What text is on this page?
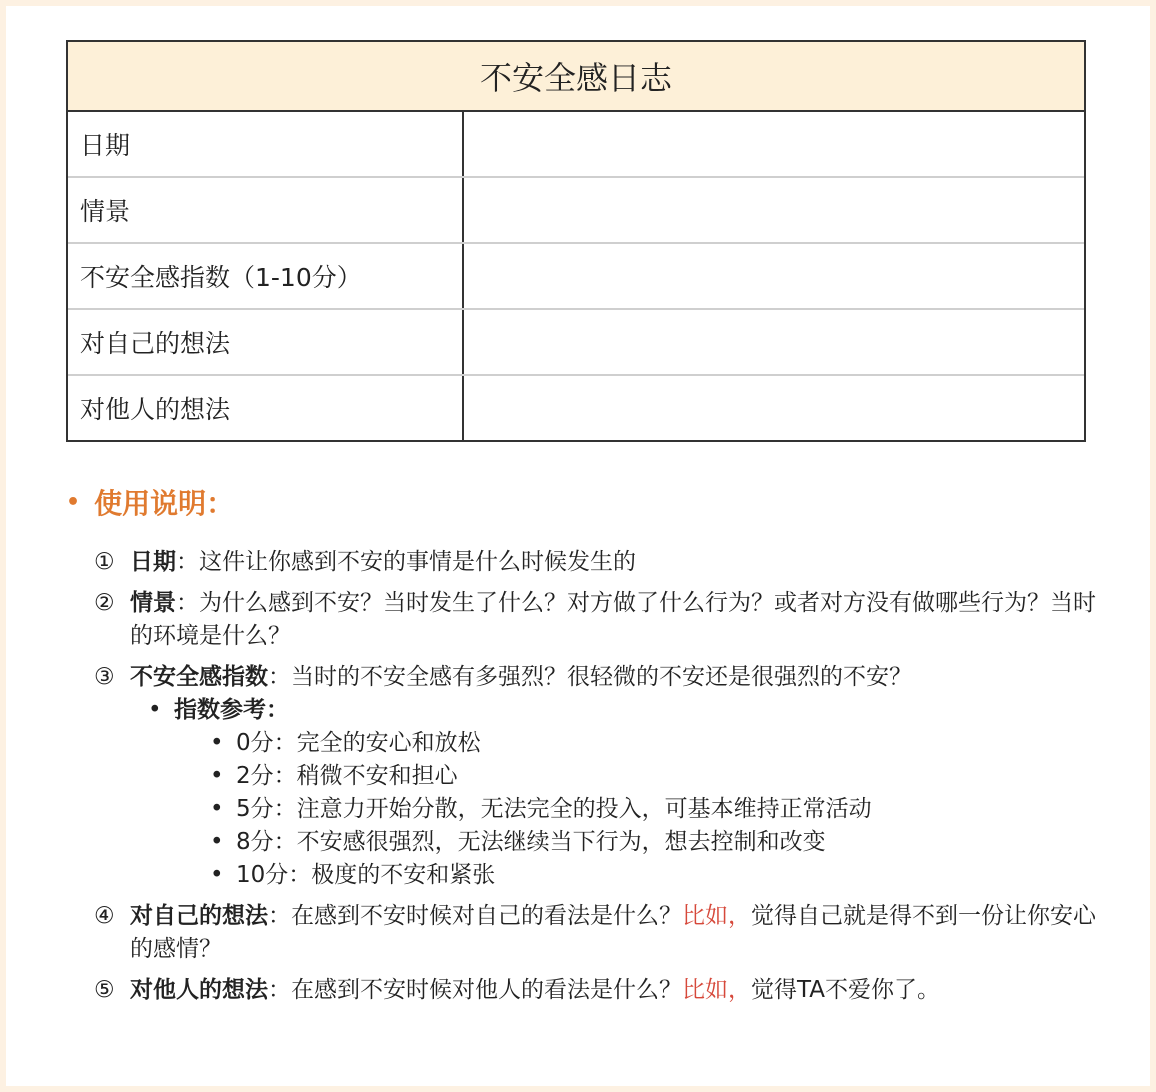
不安全感日志
日期
情景
不安全感指数（1-10分）
对自己的想法
对他人的想法
• 使用说明：
① 日期：这件让你感到不安的事情是什么时候发生的
② 情景：为什么感到不安？当时发生了什么？对方做了什么行为？或者对方没有做哪些行为？当时的环境是什么？
③ 不安全感指数：当时的不安全感有多强烈？很轻微的不安还是很强烈的不安？
• 指数参考：
• 0分：完全的安心和放松
• 2分：稍微不安和担心
• 5分：注意力开始分散，无法完全的投入，可基本维持正常活动
• 8分：不安感很强烈，无法继续当下行为，想去控制和改变
• 10分：极度的不安和紧张
④ 对自己的想法：在感到不安时候对自己的看法是什么？比如，觉得自己就是得不到一份让你安心的感情？
⑤ 对他人的想法：在感到不安时候对他人的看法是什么？比如，觉得TA不爱你了。
